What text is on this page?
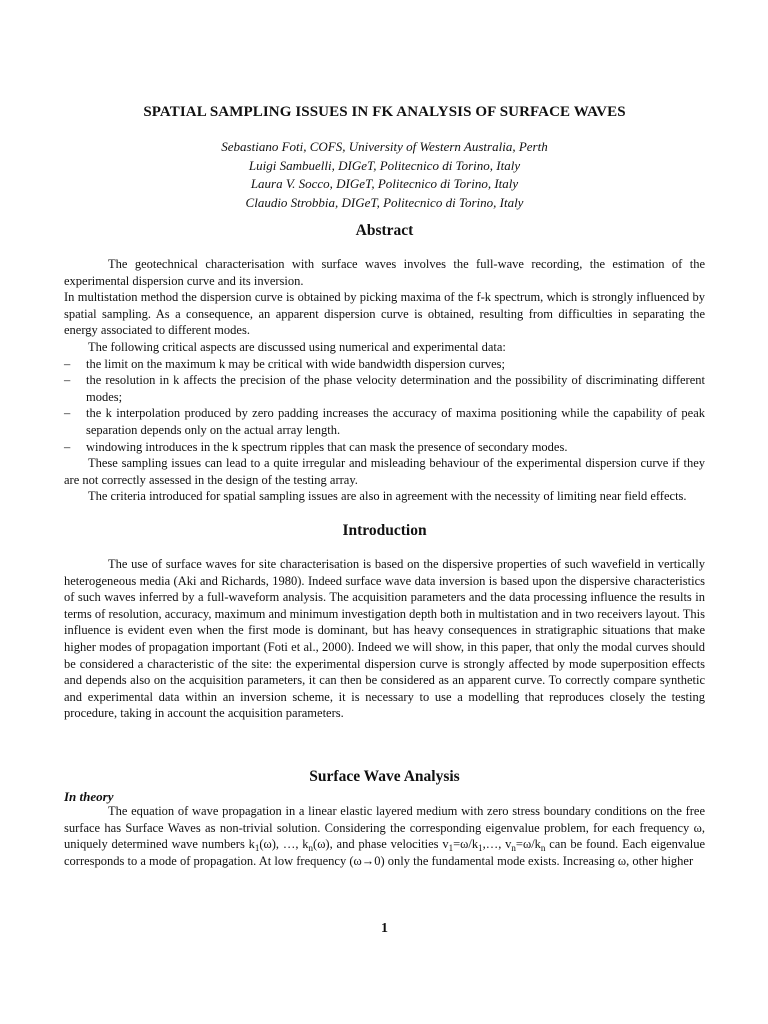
SPATIAL SAMPLING ISSUES IN FK ANALYSIS OF SURFACE WAVES
Sebastiano Foti, COFS, University of Western Australia, Perth
Luigi Sambuelli, DIGeT, Politecnico di Torino, Italy
Laura V. Socco, DIGeT, Politecnico di Torino, Italy
Claudio Strobbia, DIGeT, Politecnico di Torino, Italy
Abstract

The geotechnical characterisation with surface waves involves the full-wave recording, the estimation of the experimental dispersion curve and its inversion.

In multistation method the dispersion curve is obtained by picking maxima of the f-k spectrum, which is strongly influenced by spatial sampling. As a consequence, an apparent dispersion curve is obtained, resulting from difficulties in separating the energy associated to different modes.

The following critical aspects are discussed using numerical and experimental data:

–	the limit on the maximum k may be critical with wide bandwidth dispersion curves;
–	the resolution in k affects the precision of the phase velocity determination and the possibility of discriminating different modes;
–	the k interpolation produced by zero padding increases the accuracy of maxima positioning while the capability of peak separation depends only on the actual array length.
–	windowing introduces in the k spectrum ripples that can mask the presence of secondary modes.

These sampling issues can lead to a quite irregular and misleading behaviour of the experimental dispersion curve if they are not correctly assessed in the design of the testing array.

The criteria introduced for spatial sampling issues are also in agreement with the necessity of limiting near field effects.

Introduction

The use of surface waves for site characterisation is based on the dispersive properties of such wavefield in vertically heterogeneous media (Aki and Richards, 1980). Indeed surface wave data inversion is based upon the dispersive characteristics of such waves inferred by a full-waveform analysis. The acquisition parameters and the data processing influence the results in terms of resolution, accuracy, maximum and minimum investigation depth both in multistation and in two receivers layout. This influence is evident even when the first mode is dominant, but has heavy consequences in stratigraphic situations that make higher modes of propagation important (Foti et al., 2000). Indeed we will show, in this paper, that only the modal curves should be considered a characteristic of the site: the experimental dispersion curve is strongly affected by mode superposition effects and depends also on the acquisition parameters, it can then be considered as an apparent curve. To correctly compare synthetic and experimental data within an inversion scheme, it is necessary to use a modelling that reproduces closely the testing procedure, taking in account the acquisition parameters.

Surface Wave Analysis
In theory

The equation of wave propagation in a linear elastic layered medium with zero stress boundary conditions on the free surface has Surface Waves as non-trivial solution. Considering the corresponding eigenvalue problem, for each frequency ω, uniquely determined wave numbers $k_1(\omega)$, …, $k_n(\omega)$, and phase velocities $v_1=\omega/k_1,\dots$, $v_n=\omega/k_n$ can be found. Each eigenvalue corresponds to a mode of propagation. At low frequency (ω→0) only the fundamental mode exists. Increasing ω, other higher

1
